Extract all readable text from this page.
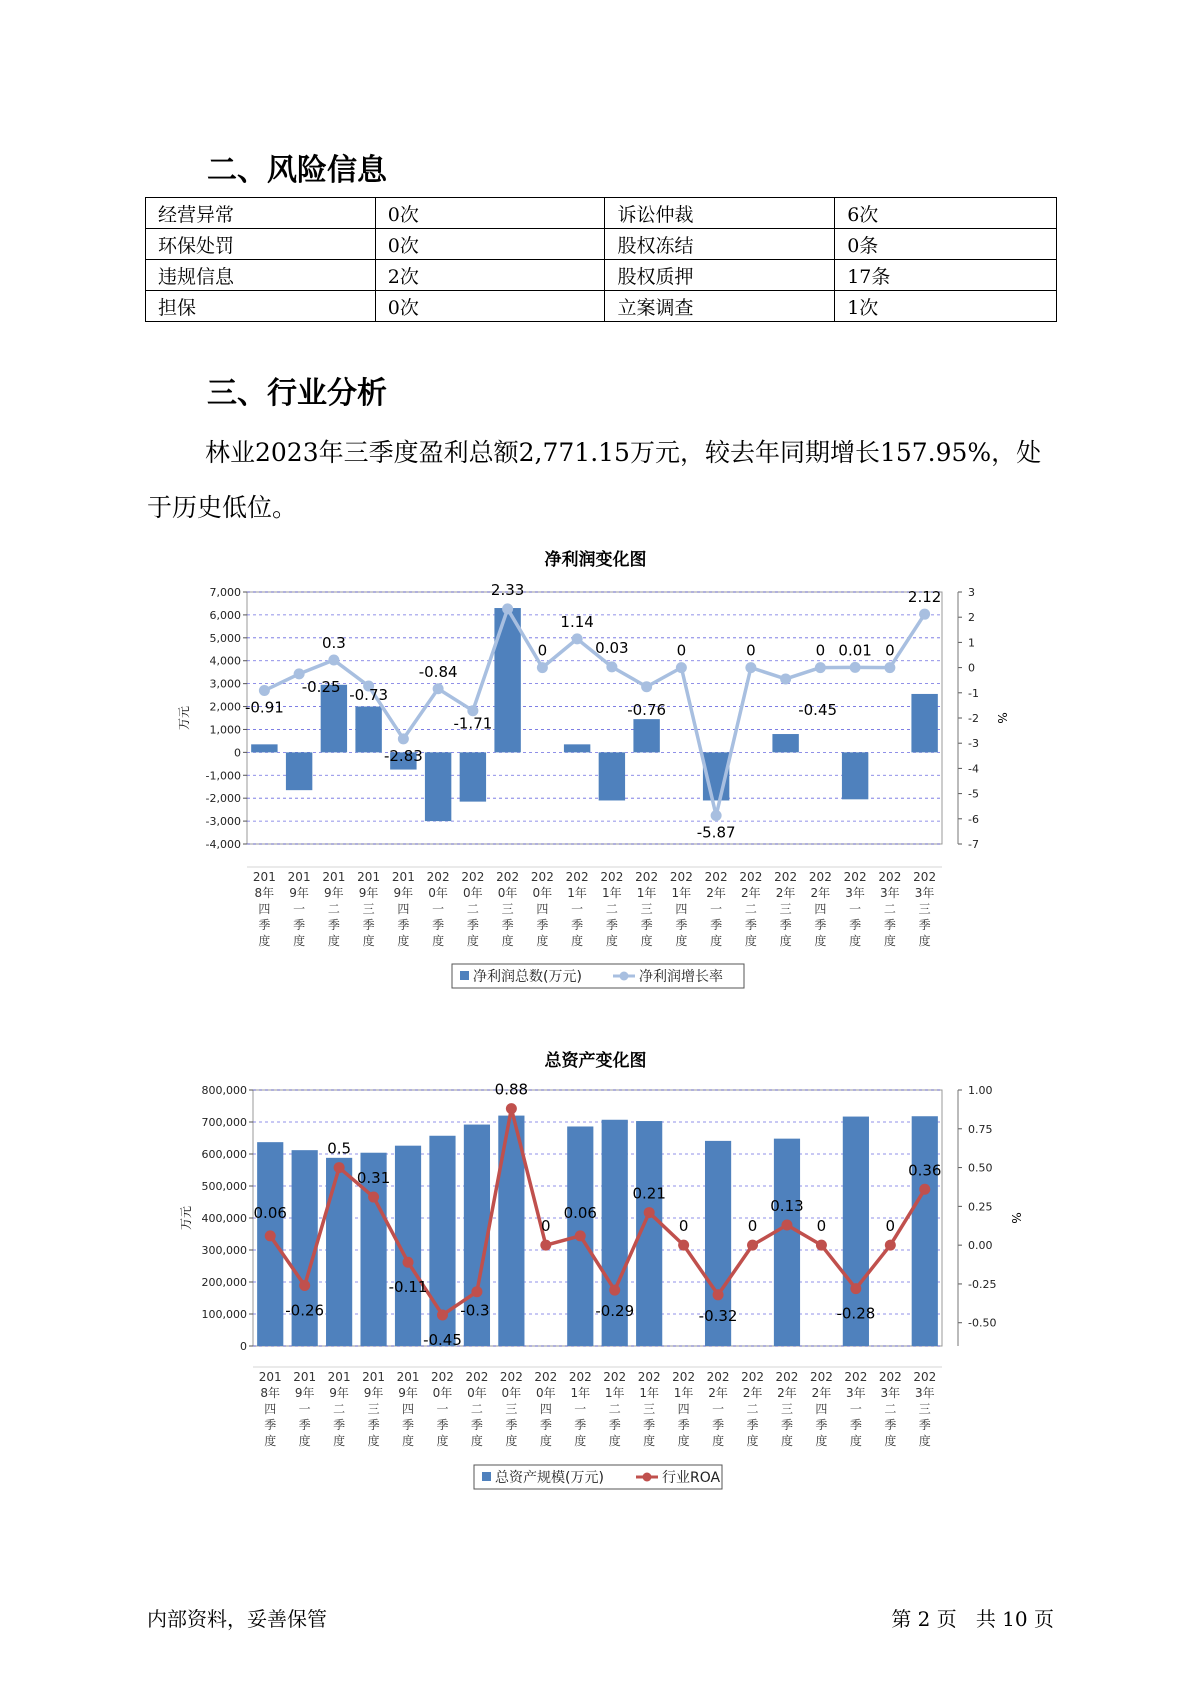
二、风险信息
经营异常	0次	诉讼仲裁	6次
环保处罚	0次	股权冻结	0条
违规信息	2次	股权质押	17条
担保	0次	立案调查	1次
三、行业分析

林业2023年三季度盈利总额2,771.15万元，较去年同期增长157.95%，处于历史低位。

净利润变化图
7,000
6,000
5,000
4,000
3,000
2,000
1,000
0
-1,000
-2,000
-3,000
-4,000
3
2
1
0
-1
-2
-3
-4
-5
-6
-7
万元	%
201 8年四季度
201 9年一季度
201 9年二季度
201 9年三季度
201 9年四季度
202 0年一季度
202 0年二季度
202 0年三季度
202 0年四季度
202 1年一季度
202 1年二季度
202 1年三季度
202 1年四季度
202 2年一季度
202 2年二季度
202 2年三季度
202 2年四季度
202 3年一季度
202 3年二季度
202 3年三季度
-0.91
-0.25
0.3
-0.73
-2.83
-0.84
-1.71
2.33
0
1.14
0.03
-0.76
0
-5.87
0
-0.45
0 0.01 0
2.12
净利润总数(万元)	净利润增长率
总资产变化图
800,000
700,000
600,000
500,000
400,000
300,000
200,000
100,000
0
1.00
0.75
0.50
0.25
0.00
-0.25
-0.50
万元	%
201 8年四季度
201 9年一季度
201 9年二季度
201 9年三季度
201 9年四季度
202 0年一季度
202 0年二季度
202 0年三季度
202 0年四季度
202 1年一季度
202 1年二季度
202 1年三季度
202 1年四季度
202 2年一季度
202 2年二季度
202 2年三季度
202 2年四季度
202 3年一季度
202 3年二季度
202 3年三季度
0.06
-0.26
0.5
0.31
-0.11
-0.45
-0.3
0.88
0
0.06
-0.29
0.21
0
-0.32
0
0.13
0
-0.28
0
0.36
总资产规模(万元)	行业ROA
内部资料，妥善保管	第 2 页   共 10 页
